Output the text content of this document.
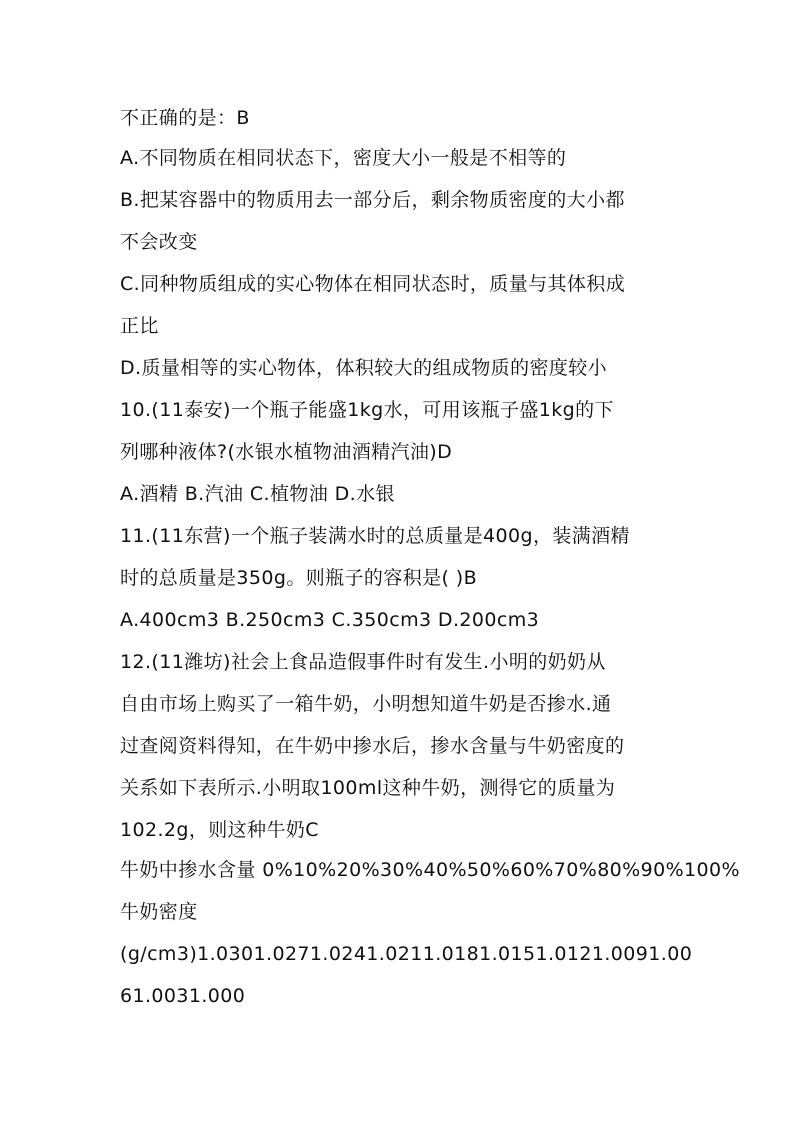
不正确的是：B
A.不同物质在相同状态下，密度大小一般是不相等的
B.把某容器中的物质用去一部分后，剩余物质密度的大小都
不会改变
C.同种物质组成的实心物体在相同状态时，质量与其体积成
正比
D.质量相等的实心物体，体积较大的组成物质的密度较小
10.(11泰安)一个瓶子能盛1kg水，可用该瓶子盛1kg的下
列哪种液体?(水银水植物油酒精汽油)D
A.酒精 B.汽油 C.植物油 D.水银
11.(11东营)一个瓶子装满水时的总质量是400g，装满酒精
时的总质量是350g。则瓶子的容积是( )B
A.400cm3 B.250cm3 C.350cm3 D.200cm3
12.(11潍坊)社会上食品造假事件时有发生.小明的奶奶从
自由市场上购买了一箱牛奶，小明想知道牛奶是否掺水.通
过查阅资料得知，在牛奶中掺水后，掺水含量与牛奶密度的
关系如下表所示.小明取100ml这种牛奶，测得它的质量为
102.2g，则这种牛奶C
牛奶中掺水含量 0%10%20%30%40%50%60%70%80%90%100%
牛奶密度
(g/cm3)1.0301.0271.0241.0211.0181.0151.0121.0091.00
61.0031.000
